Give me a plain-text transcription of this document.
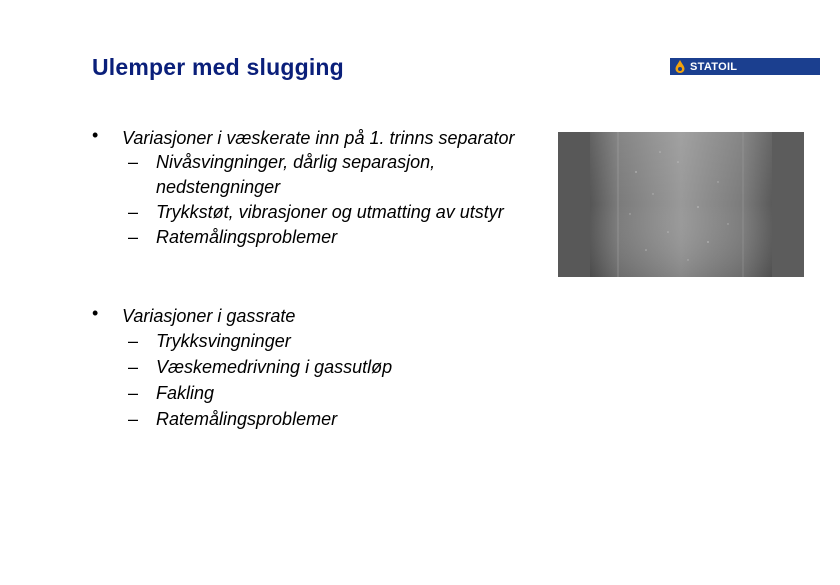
Ulemper med slugging	STATOIL
• Variasjoner i væskerate inn på 1. trinns separator
– Nivåsvingninger, dårlig separasjon, nedstengninger
– Trykkstøt, vibrasjoner og utmatting av utstyr
– Ratemålingsproblemer
• Variasjoner i gassrate
– Trykksvingninger
– Væskemedrivning i gassutløp
– Fakling
– Ratemålingsproblemer
